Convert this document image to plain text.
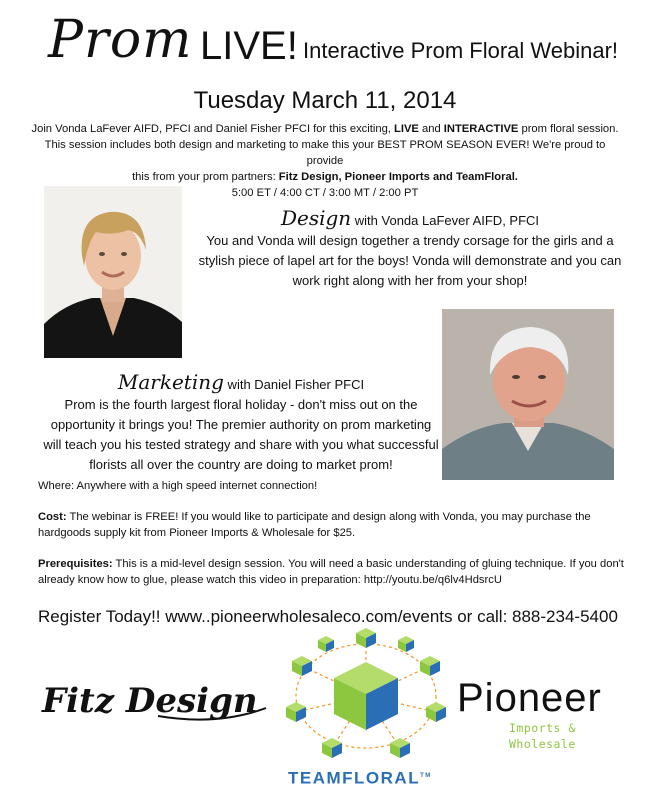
Prom LIVE! Interactive Prom Floral Webinar!
Tuesday March 11, 2014
Join Vonda LaFever AIFD, PFCI and Daniel Fisher PFCI for this exciting, LIVE and INTERACTIVE prom floral session.
This session includes both design and marketing to make this your BEST PROM SEASON EVER! We're proud to provide
this from your prom partners: Fitz Design, Pioneer Imports and TeamFloral.
5:00 ET / 4:00 CT / 3:00 MT / 2:00 PT
Design with Vonda LaFever AIFD, PFCI
You and Vonda will design together a trendy corsage for the girls and a stylish piece of lapel art for the boys! Vonda will demonstrate and you can work right along with her from your shop!
Marketing with Daniel Fisher PFCI
Prom is the fourth largest floral holiday - don't miss out on the opportunity it brings you! The premier authority on prom marketing will teach you his tested strategy and share with you what successful florists all over the country are doing to market prom!

Where: Anywhere with a high speed internet connection!

Cost: The webinar is FREE! If you would like to participate and design along with Vonda, you may purchase the hardgoods supply kit from Pioneer Imports & Wholesale for $25.

Prerequisites: This is a mid-level design session. You will need a basic understanding of gluing technique. If you don't already know how to glue, please watch this video in preparation: http://youtu.be/q6lv4HdsrcU

Register Today!! www..pioneerwholesaleco.com/events or call: 888-234-5400
Fitz Design	Pioneer
Imports & Wholesale
TEAMFLORAL™
